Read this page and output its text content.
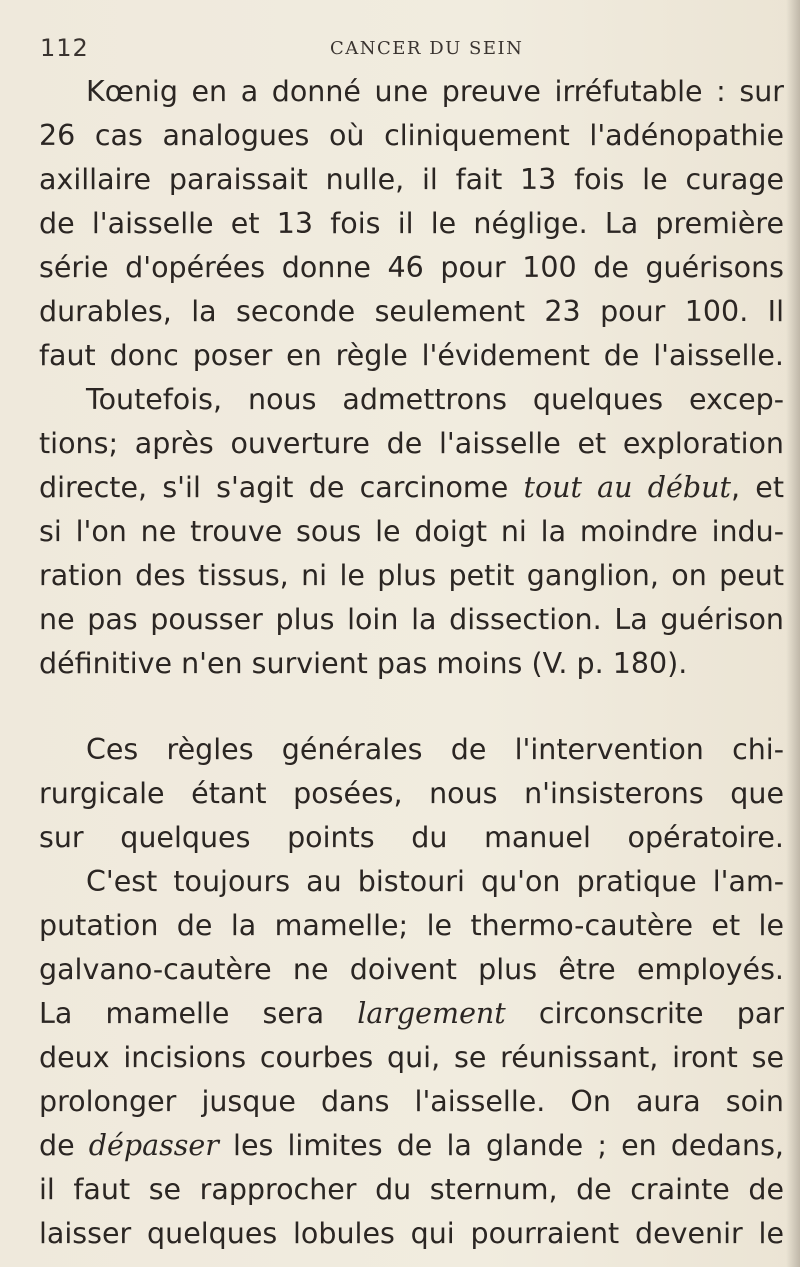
112	CANCER DU SEIN
Kœnig en a donné une preuve irréfutable : sur
26 cas analogues où cliniquement l'adénopathie
axillaire paraissait nulle, il fait 13 fois le curage
de l'aisselle et 13 fois il le néglige. La première
série d'opérées donne 46 pour 100 de guérisons
durables, la seconde seulement 23 pour 100. Il
faut donc poser en règle l'évidement de l'aisselle.
Toutefois, nous admettrons quelques excep-
tions; après ouverture de l'aisselle et exploration
directe, s'il s'agit de carcinome tout au début, et
si l'on ne trouve sous le doigt ni la moindre indu-
ration des tissus, ni le plus petit ganglion, on peut
ne pas pousser plus loin la dissection. La guérison
définitive n'en survient pas moins (V. p. 180).
Ces règles générales de l'intervention chi-
rurgicale étant posées, nous n'insisterons que
sur quelques points du manuel opératoire.
C'est toujours au bistouri qu'on pratique l'am-
putation de la mamelle; le thermo-cautère et le
galvano-cautère ne doivent plus être employés.
La mamelle sera largement circonscrite par
deux incisions courbes qui, se réunissant, iront se
prolonger jusque dans l'aisselle. On aura soin
de dépasser les limites de la glande ; en dedans,
il faut se rapprocher du sternum, de crainte de
laisser quelques lobules qui pourraient devenir le
